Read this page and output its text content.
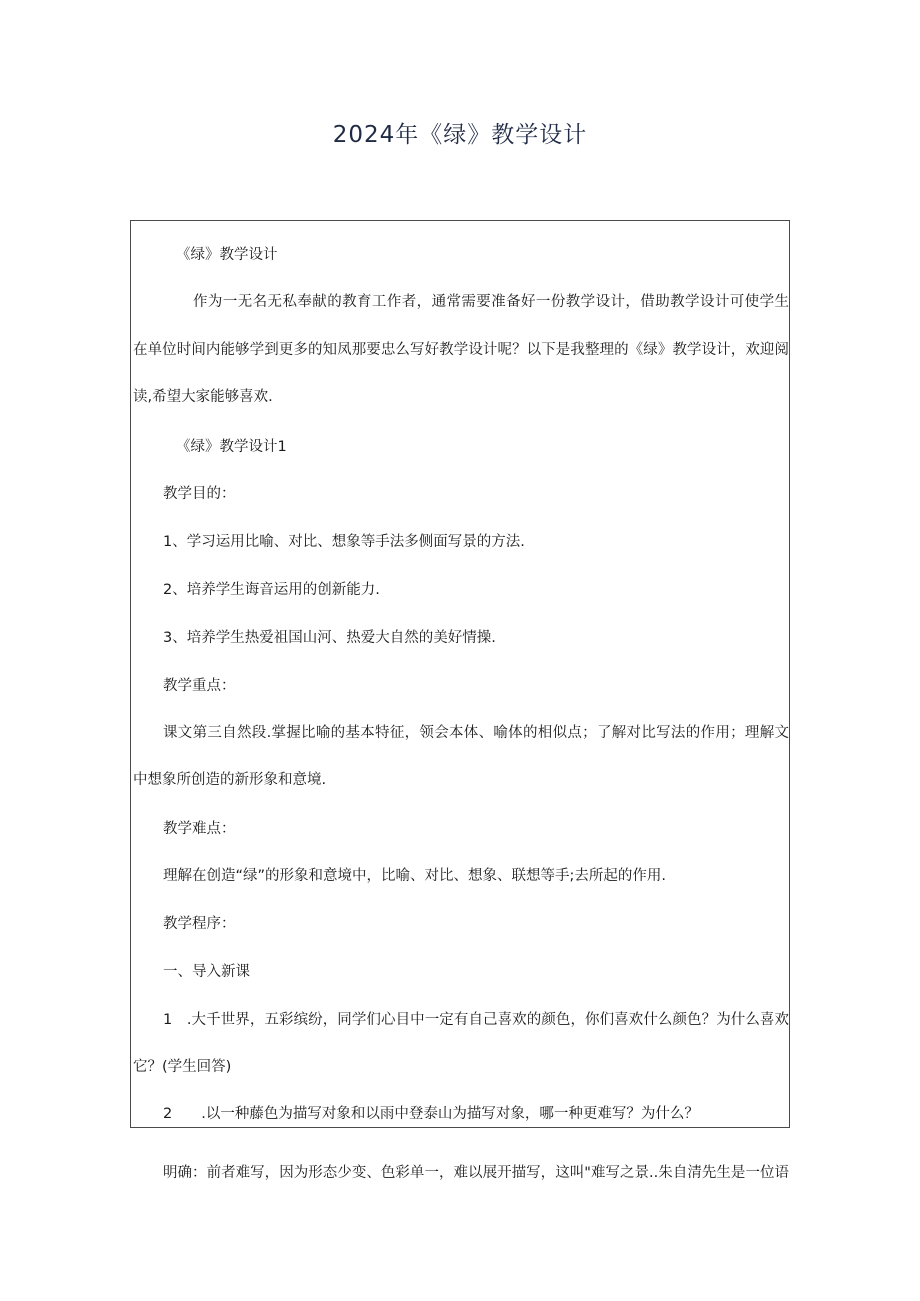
2024年《绿》教学设计
《绿》教学设计
作为一无名无私奉献的教育工作者，通常需要准备好一份教学设计，借助教学设计可使学生
在单位时间内能够学到更多的知凤那要忠么写好教学设计呢？以下是我整理的《绿》教学设计，欢迎阅
读,希望大家能够喜欢.
《绿》教学设计1
教学目的：
1、学习运用比喻、对比、想象等手法多侧面写景的方法.
2、培养学生诲音运用的创新能力.
3、培养学生热爱祖国山河、热爱大自然的美好情操.
教学重点：
课文第三自然段.掌握比喻的基本特征，领会本体、喻体的相似点；了解对比写法的作用；理解文
中想象所创造的新形象和意境.
教学难点：
理解在创造“绿”的形象和意境中，比喻、对比、想象、联想等手;去所起的作用.
教学程序：
一、导入新课
1　.大千世界，五彩缤纷，同学们心目中一定有自己喜欢的颜色，你们喜欢什么颜色？为什么喜欢
它？(学生回答)
2　　.以一种藤色为描写对象和以雨中登泰山为描写对象，哪一种更难写？为什么？
明确：前者难写，因为形态少变、色彩单一，难以展开描写，这叫"难写之景..朱自清先生是一位语
